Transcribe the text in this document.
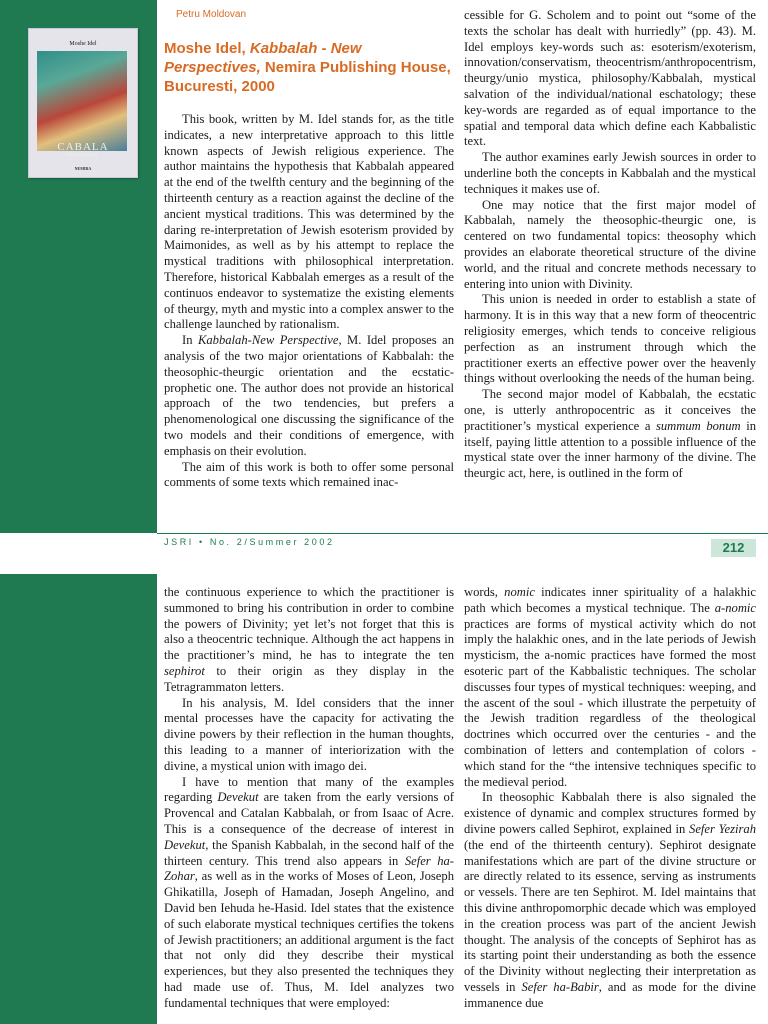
Moshe Idel
CABALA
noi perspective
NEMIRA
Petru Moldovan
Moshe Idel, Kabbalah - New Perspectives, Nemira Publishing House, Bucuresti, 2000

This book, written by M. Idel stands for, as the title indicates, a new interpretative approach to this little known aspects of Jewish religious experience. The author maintains the hypothesis that Kabbalah appeared at the end of the twelfth century and the beginning of the thirteenth century as a reaction against the decline of the ancient mystical traditions. This was determined by the daring re-interpretation of Jewish esoterism provided by Maimonides, as well as by his attempt to replace the mystical traditions with philosophical interpretation. Therefore, historical Kabbalah emerges as a result of the continuos endeavor to systematize the existing elements of theurgy, myth and mystic into a complex answer to the challenge launched by rationalism.

In Kabbalah-New Perspective, M. Idel proposes an analysis of the two major orientations of Kabbalah: the theosophic-theurgic orientation and the ecstatic-prophetic one. The author does not provide an historical approach of the two tendencies, but prefers a phenomenological one discussing the significance of the two models and their conditions of emergence, with emphasis on their evolution.

The aim of this work is both to offer some personal comments of some texts which remained inac-

cessible for G. Scholem and to point out “some of the texts the scholar has dealt with hurriedly” (pp. 43). M. Idel employs key-words such as: esoterism/exoterism, innovation/conservatism, theocentrism/anthropocentrism, theurgy/unio mystica, philosophy/Kabbalah, mystical salvation of the individual/national eschatology; these key-words are regarded as of equal importance to the spatial and temporal data which define each Kabbalistic text.

The author examines early Jewish sources in order to underline both the concepts in Kabbalah and the mystical techniques it makes use of.

One may notice that the first major model of Kabbalah, namely the theosophic-theurgic one, is centered on two fundamental topics: theosophy which provides an elaborate theoretical structure of the divine world, and the ritual and concrete methods necessary to entering into union with Divinity.

This union is needed in order to establish a state of harmony. It is in this way that a new form of theocentric religiosity emerges, which tends to conceive religious perfection as an instrument through which the practitioner exerts an effective power over the heavenly things without overlooking the needs of the human being.

The second major model of Kabbalah, the ecstatic one, is utterly anthropocentric as it conceives the practitioner’s mystical experience a summum bonum in itself, paying little attention to a possible influence of the mystical state over the inner harmony of the divine. The theurgic act, here, is outlined in the form of

JSRI • No. 2/Summer 2002	212

the continuous experience to which the practitioner is summoned to bring his contribution in order to combine the powers of Divinity; yet let’s not forget that this is also a theocentric technique. Although the act happens in the practitioner’s mind, he has to integrate the ten sephirot to their origin as they display in the Tetragrammaton letters.

In his analysis, M. Idel considers that the inner mental processes have the capacity for activating the divine powers by their reflection in the human thoughts, this leading to a manner of interiorization with the divine, a mystical union with imago dei.

I have to mention that many of the examples regarding Devekut are taken from the early versions of Provencal and Catalan Kabbalah, or from Isaac of Acre. This is a consequence of the decrease of interest in Devekut, the Spanish Kabbalah, in the second half of the thirteen century. This trend also appears in Sefer ha-Zohar, as well as in the works of Moses of Leon, Joseph Ghikatilla, Joseph of Hamadan, Joseph Angelino, and David ben Iehuda he-Hasid. Idel states that the existence of such elaborate mystical techniques certifies the tokens of Jewish practitioners; an additional argument is the fact that not only did they describe their mystical experiences, but they also presented the techniques they had made use of. Thus, M. Idel analyzes two fundamental techniques that were employed:

words, nomic indicates inner spirituality of a halakhic path which becomes a mystical technique. The a-nomic practices are forms of mystical activity which do not imply the halakhic ones, and in the late periods of Jewish mysticism, the a-nomic practices have formed the most esoteric part of the Kabbalistic techniques. The scholar discusses four types of mystical techniques: weeping, and the ascent of the soul - which illustrate the perpetuity of the Jewish tradition regardless of the theological doctrines which occurred over the centuries - and the combination of letters and contemplation of colors - which stand for the “the intensive techniques specific to the medieval period.

In theosophic Kabbalah there is also signaled the existence of dynamic and complex structures formed by divine powers called Sephirot, explained in Sefer Yezirah (the end of the thirteenth century). Sephirot designate manifestations which are part of the divine structure or are directly related to its essence, serving as instruments or vessels. There are ten Sephirot. M. Idel maintains that this divine anthropomorphic decade which was employed in the creation process was part of the ancient Jewish thought. The analysis of the concepts of Sephirot has as its starting point their understanding as both the essence of the Divinity without neglecting their interpretation as vessels in Sefer ha-Babir, and as mode for the divine immanence due
